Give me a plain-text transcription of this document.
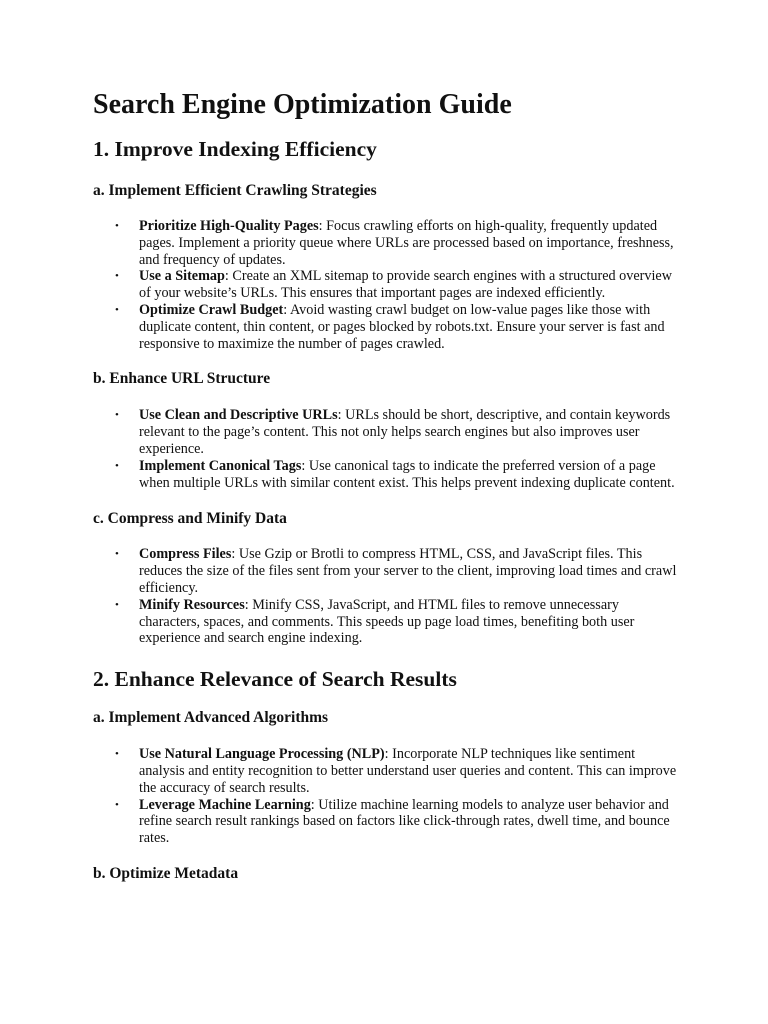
Search Engine Optimization Guide
1. Improve Indexing Efficiency
a. Implement Efficient Crawling Strategies
• Prioritize High-Quality Pages: Focus crawling efforts on high-quality, frequently updated pages. Implement a priority queue where URLs are processed based on importance, freshness, and frequency of updates.
• Use a Sitemap: Create an XML sitemap to provide search engines with a structured overview of your website’s URLs. This ensures that important pages are indexed efficiently.
• Optimize Crawl Budget: Avoid wasting crawl budget on low-value pages like those with duplicate content, thin content, or pages blocked by robots.txt. Ensure your server is fast and responsive to maximize the number of pages crawled.
b. Enhance URL Structure
• Use Clean and Descriptive URLs: URLs should be short, descriptive, and contain keywords relevant to the page’s content. This not only helps search engines but also improves user experience.
• Implement Canonical Tags: Use canonical tags to indicate the preferred version of a page when multiple URLs with similar content exist. This helps prevent indexing duplicate content.
c. Compress and Minify Data
• Compress Files: Use Gzip or Brotli to compress HTML, CSS, and JavaScript files. This reduces the size of the files sent from your server to the client, improving load times and crawl efficiency.
• Minify Resources: Minify CSS, JavaScript, and HTML files to remove unnecessary characters, spaces, and comments. This speeds up page load times, benefiting both user experience and search engine indexing.
2. Enhance Relevance of Search Results
a. Implement Advanced Algorithms
• Use Natural Language Processing (NLP): Incorporate NLP techniques like sentiment analysis and entity recognition to better understand user queries and content. This can improve the accuracy of search results.
• Leverage Machine Learning: Utilize machine learning models to analyze user behavior and refine search result rankings based on factors like click-through rates, dwell time, and bounce rates.
b. Optimize Metadata
